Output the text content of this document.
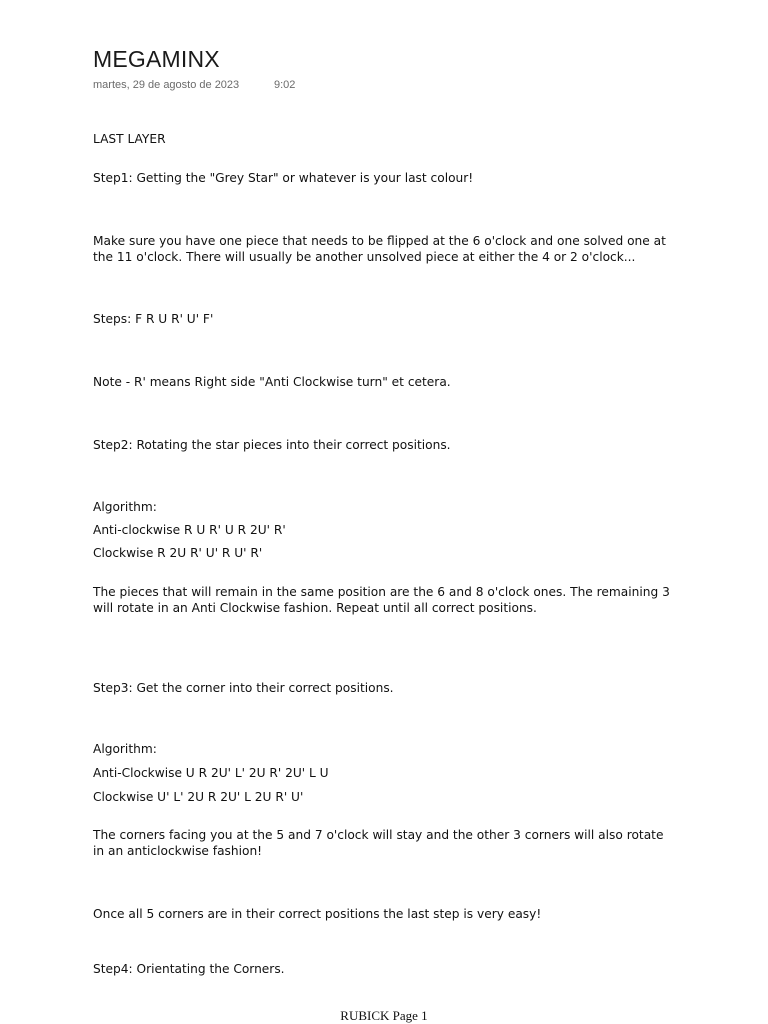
MEGAMINX
martes, 29 de agosto de 2023	9:02

LAST LAYER

Step1: Getting the "Grey Star" or whatever is your last colour!

Make sure you have one piece that needs to be flipped at the 6 o'clock and one solved one at the 11 o'clock. There will usually be another unsolved piece at either the 4 or 2 o'clock...

Steps: F R U R' U' F'

Note - R' means Right side "Anti Clockwise turn" et cetera.

Step2: Rotating the star pieces into their correct positions.

Algorithm:

Anti-clockwise R U R' U R 2U' R'

Clockwise R 2U R' U' R U' R'

The pieces that will remain in the same position are the 6 and 8 o'clock ones. The remaining 3 will rotate in an Anti Clockwise fashion. Repeat until all correct positions.

Step3: Get the corner into their correct positions.

Algorithm:

Anti-Clockwise U R 2U' L' 2U R' 2U' L U

Clockwise U' L' 2U R 2U' L 2U R' U'

The corners facing you at the 5 and 7 o'clock will stay and the other 3 corners will also rotate in an anticlockwise fashion!

Once all 5 corners are in their correct positions the last step is very easy!

Step4: Orientating the Corners.

RUBICK Page 1
